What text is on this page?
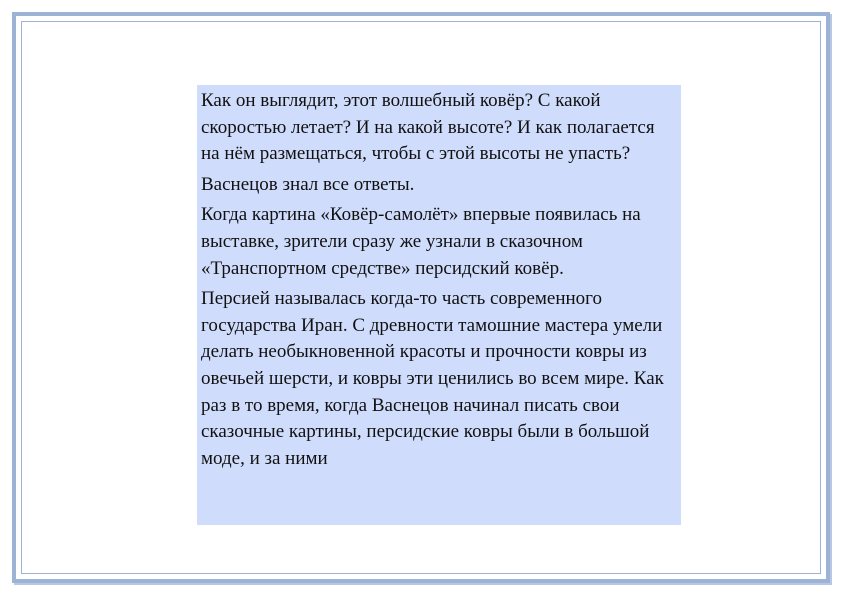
Как он выглядит, этот волшебный ковёр? С какой скоростью летает? И на какой высоте? И как полагается на нём размещаться, чтобы с этой высоты не упасть?

Васнецов знал все ответы.

Когда картина «Ковёр-самолёт» впервые появилась на выставке, зрители сразу же узнали в сказочном «Транспортном средстве» персидский ковёр.

Персией называлась когда-то часть современного государства Иран. С древности тамошние мастера умели делать необыкновенной красоты и прочности ковры из овечьей шерсти, и ковры эти ценились во всем мире. Как раз в то время, когда Васнецов начинал писать свои сказочные картины, персидские ковры были в большой моде, и за ними
